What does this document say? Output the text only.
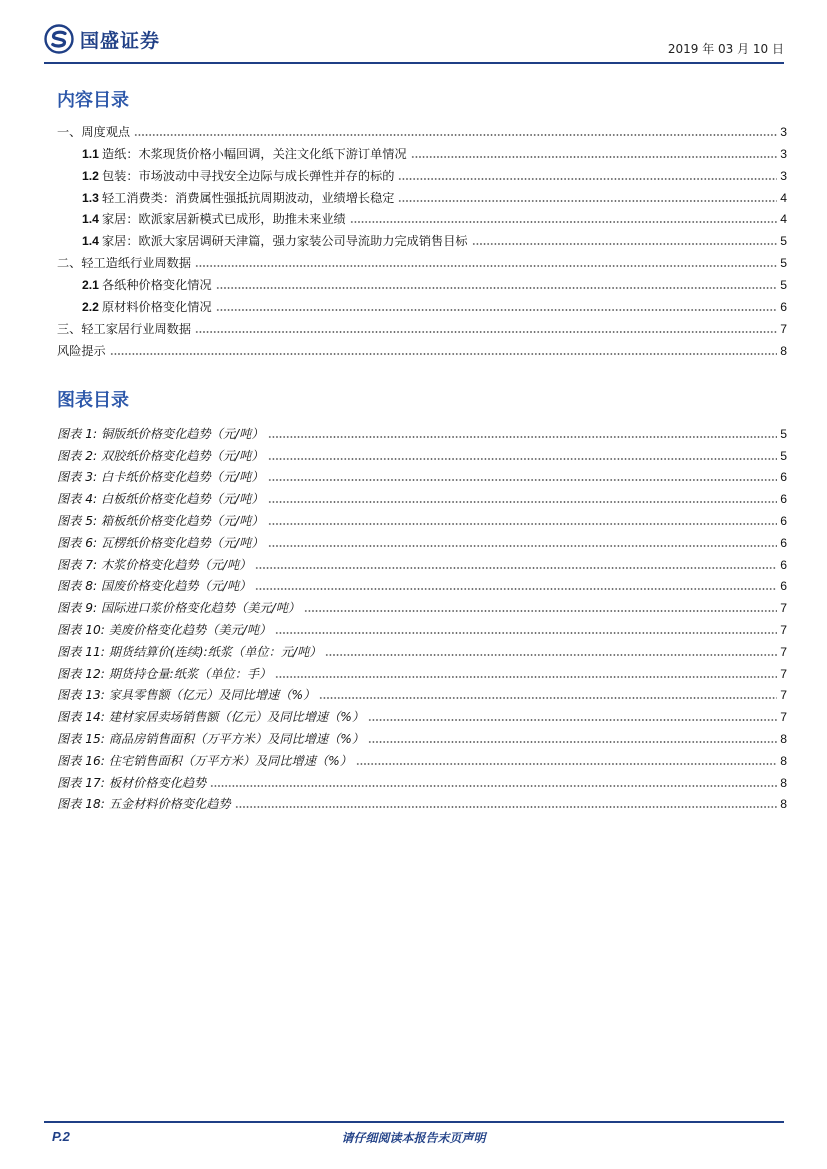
国盛证券	2019 年 03 月 10 日
内容目录
一、周度观点	3
1.1 造纸：木浆现货价格小幅回调，关注文化纸下游订单情况	3
1.2 包装：市场波动中寻找安全边际与成长弹性并存的标的	3
1.3 轻工消费类：消费属性强抵抗周期波动，业绩增长稳定	4
1.4 家居：欧派家居新模式已成形，助推未来业绩	4
1.4 家居：欧派大家居调研天津篇，强力家装公司导流助力完成销售目标	5
二、轻工造纸行业周数据	5
2.1 各纸种价格变化情况	5
2.2 原材料价格变化情况	6
三、轻工家居行业周数据	7
风险提示	8
图表目录
图表 1: 铜版纸价格变化趋势（元/吨）	5
图表 2: 双胶纸价格变化趋势（元/吨）	5
图表 3: 白卡纸价格变化趋势（元/吨）	6
图表 4: 白板纸价格变化趋势（元/吨）	6
图表 5: 箱板纸价格变化趋势（元/吨）	6
图表 6: 瓦楞纸价格变化趋势（元/吨）	6
图表 7: 木浆价格变化趋势（元/吨）	6
图表 8: 国废价格变化趋势（元/吨）	6
图表 9: 国际进口浆价格变化趋势（美元/吨）	7
图表 10: 美废价格变化趋势（美元/吨）	7
图表 11: 期货结算价(连续):纸浆（单位：元/吨）	7
图表 12: 期货持仓量:纸浆（单位：手）	7
图表 13: 家具零售额（亿元）及同比增速（%）	7
图表 14: 建材家居卖场销售额（亿元）及同比增速（%）	7
图表 15: 商品房销售面积（万平方米）及同比增速（%）	8
图表 16: 住宅销售面积（万平方米）及同比增速（%）	8
图表 17: 板材价格变化趋势	8
图表 18: 五金材料价格变化趋势	8
P.2	请仔细阅读本报告末页声明
